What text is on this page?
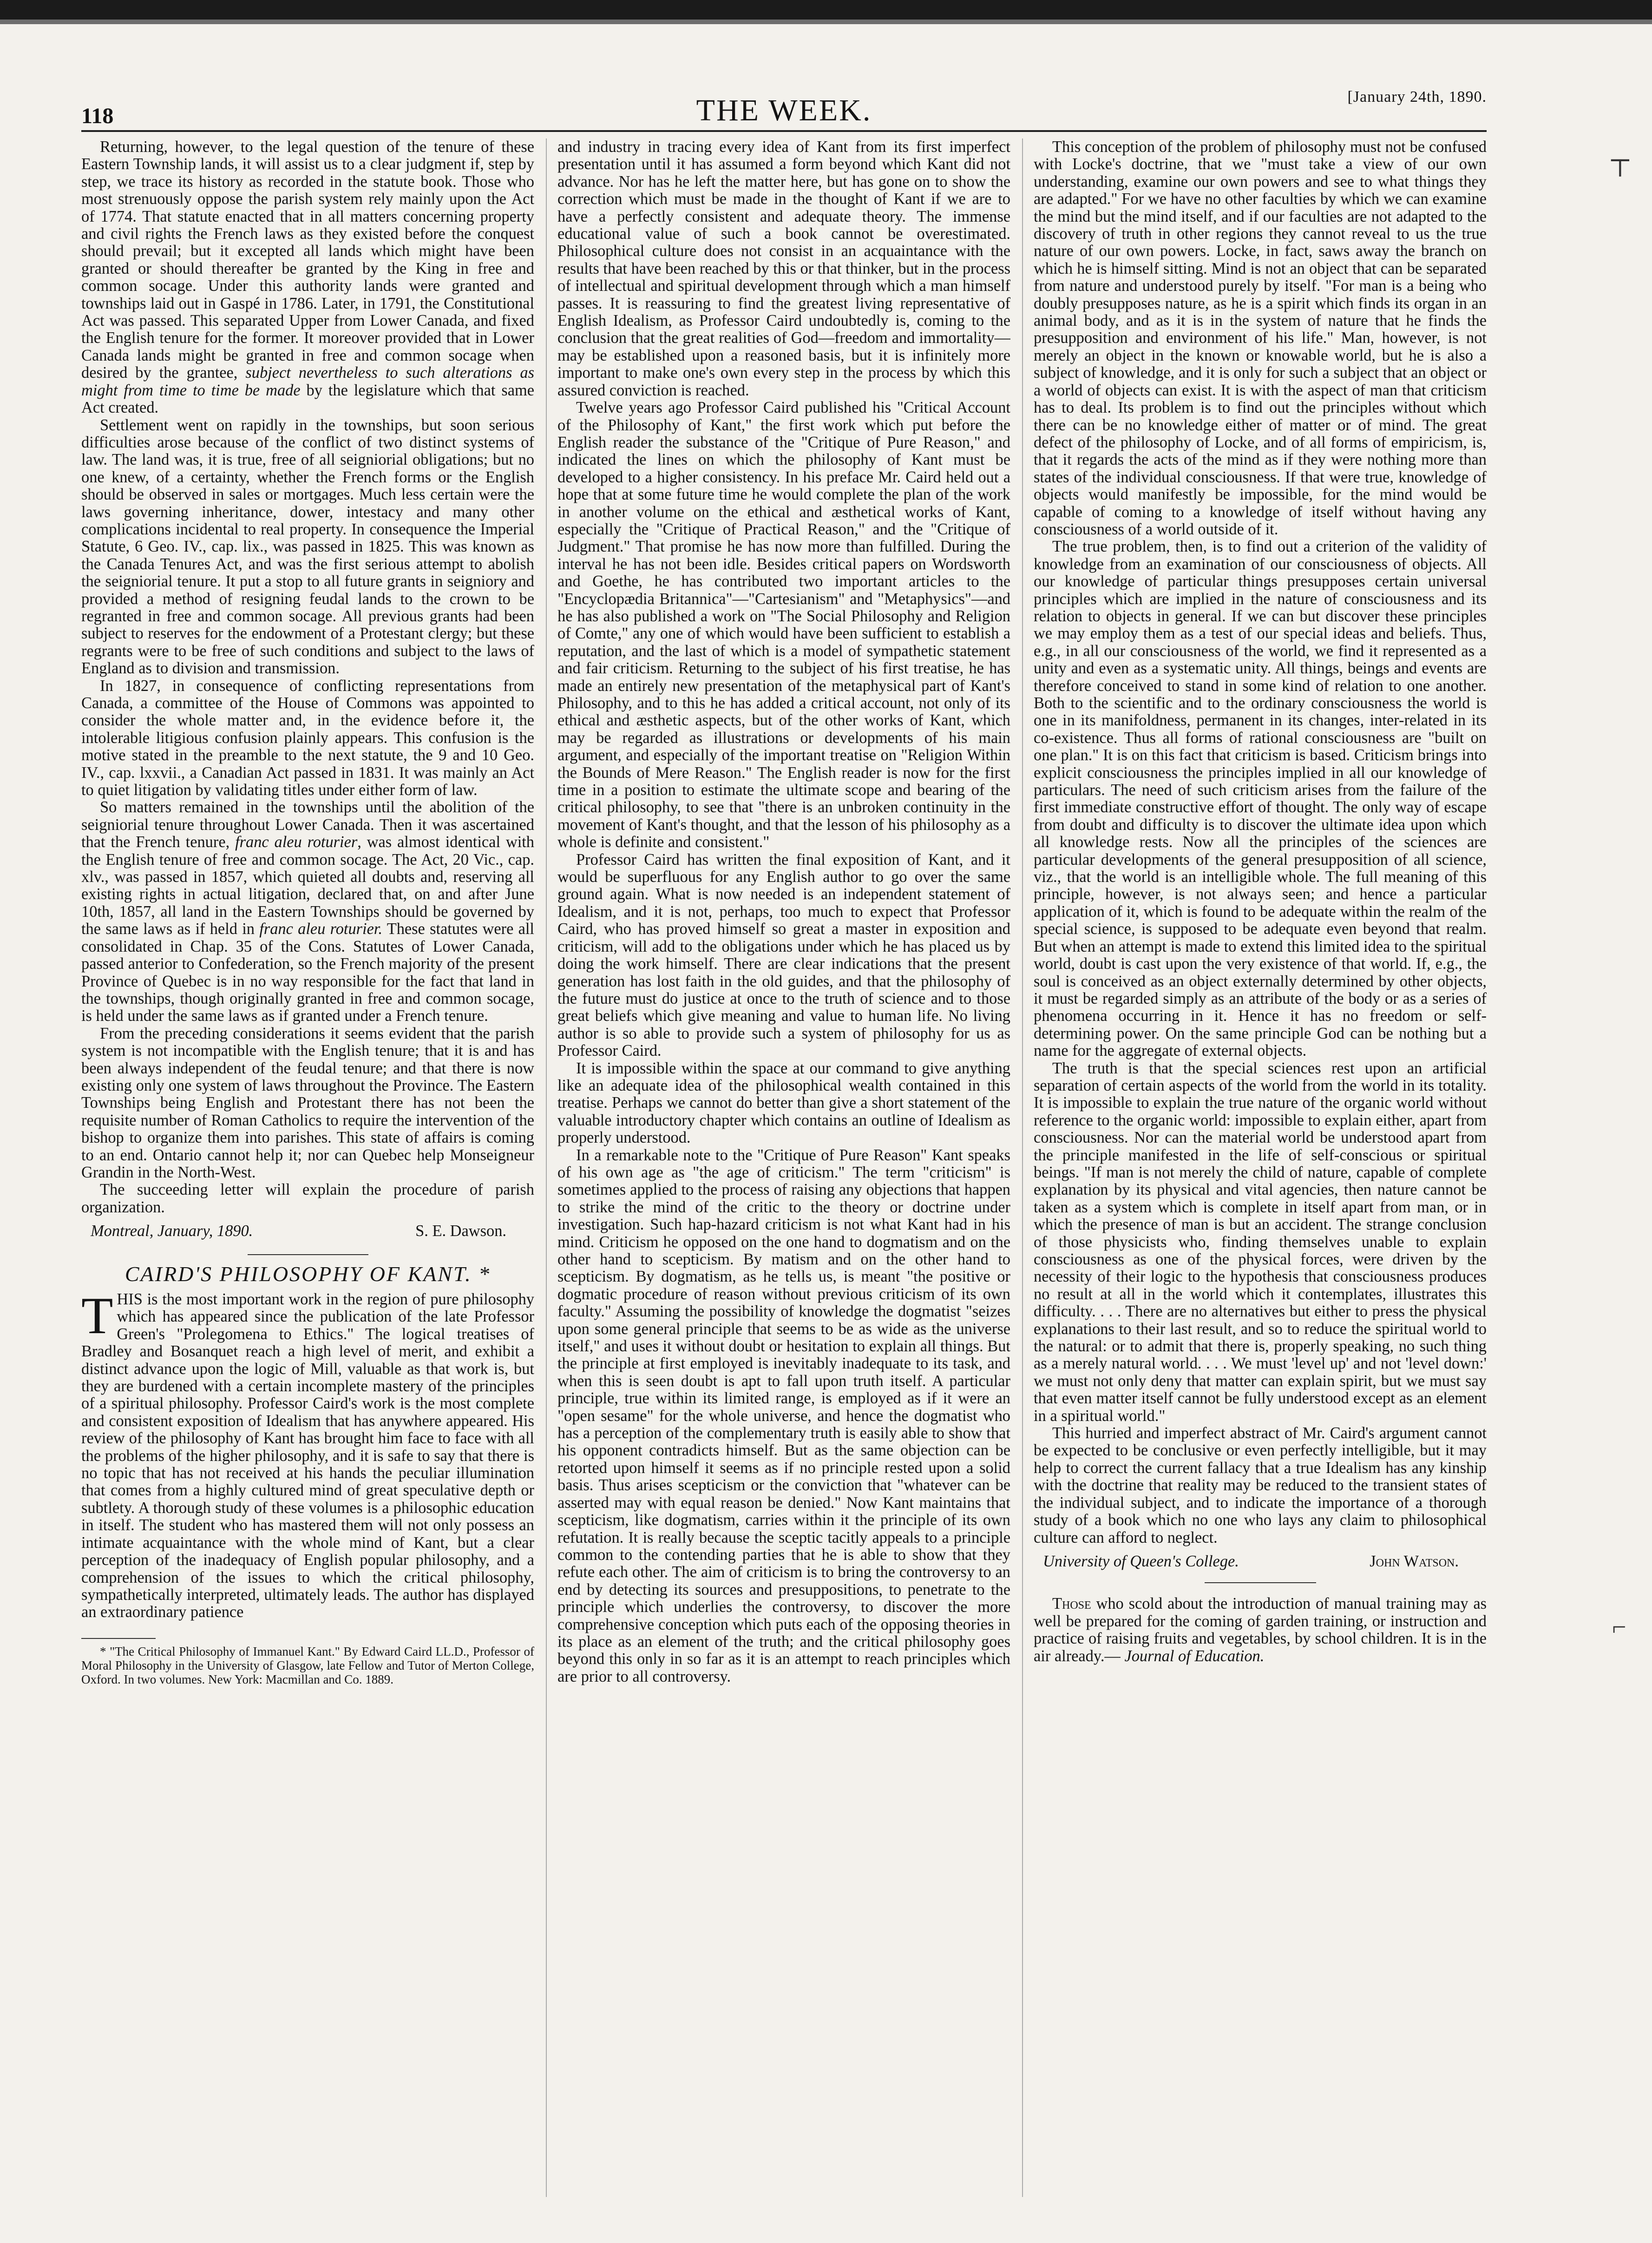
118	THE WEEK.	[January 24th, 1890.

Returning, however, to the legal question of the tenure of these Eastern Township lands, it will assist us to a clear judgment if, step by step, we trace its history as recorded in the statute book. Those who most strenuously oppose the parish system rely mainly upon the Act of 1774. That statute enacted that in all matters concerning property and civil rights the French laws as they existed before the conquest should prevail; but it excepted all lands which might have been granted or should thereafter be granted by the King in free and common socage. Under this authority lands were granted and townships laid out in Gaspé in 1786. Later, in 1791, the Constitutional Act was passed. This separated Upper from Lower Canada, and fixed the English tenure for the former. It moreover provided that in Lower Canada lands might be granted in free and common socage when desired by the grantee, subject nevertheless to such alterations as might from time to time be made by the legislature which that same Act created.

Settlement went on rapidly in the townships, but soon serious difficulties arose because of the conflict of two distinct systems of law. The land was, it is true, free of all seigniorial obligations; but no one knew, of a certainty, whether the French forms or the English should be observed in sales or mortgages. Much less certain were the laws governing inheritance, dower, intestacy and many other complications incidental to real property. In consequence the Imperial Statute, 6 Geo. IV., cap. lix., was passed in 1825. This was known as the Canada Tenures Act, and was the first serious attempt to abolish the seigniorial tenure. It put a stop to all future grants in seigniory and provided a method of resigning feudal lands to the crown to be regranted in free and common socage. All previous grants had been subject to reserves for the endowment of a Protestant clergy; but these regrants were to be free of such conditions and subject to the laws of England as to division and transmission.

In 1827, in consequence of conflicting representations from Canada, a committee of the House of Commons was appointed to consider the whole matter and, in the evidence before it, the intolerable litigious confusion plainly appears. This confusion is the motive stated in the preamble to the next statute, the 9 and 10 Geo. IV., cap. lxxvii., a Canadian Act passed in 1831. It was mainly an Act to quiet litigation by validating titles under either form of law.

So matters remained in the townships until the abolition of the seigniorial tenure throughout Lower Canada. Then it was ascertained that the French tenure, franc aleu roturier, was almost identical with the English tenure of free and common socage. The Act, 20 Vic., cap. xlv., was passed in 1857, which quieted all doubts and, reserving all existing rights in actual litigation, declared that, on and after June 10th, 1857, all land in the Eastern Townships should be governed by the same laws as if held in franc aleu roturier. These statutes were all consolidated in Chap. 35 of the Cons. Statutes of Lower Canada, passed anterior to Confederation, so the French majority of the present Province of Quebec is in no way responsible for the fact that land in the townships, though originally granted in free and common socage, is held under the same laws as if granted under a French tenure.

From the preceding considerations it seems evident that the parish system is not incompatible with the English tenure; that it is and has been always independent of the feudal tenure; and that there is now existing only one system of laws throughout the Province. The Eastern Townships being English and Protestant there has not been the requisite number of Roman Catholics to require the intervention of the bishop to organize them into parishes. This state of affairs is coming to an end. Ontario cannot help it; nor can Quebec help Monseigneur Grandin in the North-West.

The succeeding letter will explain the procedure of parish organization.

Montreal, January, 1890.	S. E. Dawson.
CAIRD'S PHILOSOPHY OF KANT. *

THIS is the most important work in the region of pure philosophy which has appeared since the publication of the late Professor Green's "Prolegomena to Ethics." The logical treatises of Bradley and Bosanquet reach a high level of merit, and exhibit a distinct advance upon the logic of Mill, valuable as that work is, but they are burdened with a certain incomplete mastery of the principles of a spiritual philosophy. Professor Caird's work is the most complete and consistent exposition of Idealism that has anywhere appeared. His review of the philosophy of Kant has brought him face to face with all the problems of the higher philosophy, and it is safe to say that there is no topic that has not received at his hands the peculiar illumination that comes from a highly cultured mind of great speculative depth or subtlety. A thorough study of these volumes is a philosophic education in itself. The student who has mastered them will not only possess an intimate acquaintance with the whole mind of Kant, but a clear perception of the inadequacy of English popular philosophy, and a comprehension of the issues to which the critical philosophy, sympathetically interpreted, ultimately leads. The author has displayed an extraordinary patience

* "The Critical Philosophy of Immanuel Kant." By Edward Caird LL.D., Professor of Moral Philosophy in the University of Glasgow, late Fellow and Tutor of Merton College, Oxford. In two volumes. New York: Macmillan and Co. 1889.

and industry in tracing every idea of Kant from its first imperfect presentation until it has assumed a form beyond which Kant did not advance. Nor has he left the matter here, but has gone on to show the correction which must be made in the thought of Kant if we are to have a perfectly consistent and adequate theory. The immense educational value of such a book cannot be overestimated. Philosophical culture does not consist in an acquaintance with the results that have been reached by this or that thinker, but in the process of intellectual and spiritual development through which a man himself passes. It is reassuring to find the greatest living representative of English Idealism, as Professor Caird undoubtedly is, coming to the conclusion that the great realities of God—freedom and immortality—may be established upon a reasoned basis, but it is infinitely more important to make one's own every step in the process by which this assured conviction is reached.

Twelve years ago Professor Caird published his "Critical Account of the Philosophy of Kant," the first work which put before the English reader the substance of the "Critique of Pure Reason," and indicated the lines on which the philosophy of Kant must be developed to a higher consistency. In his preface Mr. Caird held out a hope that at some future time he would complete the plan of the work in another volume on the ethical and æsthetical works of Kant, especially the "Critique of Practical Reason," and the "Critique of Judgment." That promise he has now more than fulfilled. During the interval he has not been idle. Besides critical papers on Wordsworth and Goethe, he has contributed two important articles to the "Encyclopædia Britannica"—"Cartesianism" and "Metaphysics"—and he has also published a work on "The Social Philosophy and Religion of Comte," any one of which would have been sufficient to establish a reputation, and the last of which is a model of sympathetic statement and fair criticism. Returning to the subject of his first treatise, he has made an entirely new presentation of the metaphysical part of Kant's Philosophy, and to this he has added a critical account, not only of its ethical and æsthetic aspects, but of the other works of Kant, which may be regarded as illustrations or developments of his main argument, and especially of the important treatise on "Religion Within the Bounds of Mere Reason." The English reader is now for the first time in a position to estimate the ultimate scope and bearing of the critical philosophy, to see that "there is an unbroken continuity in the movement of Kant's thought, and that the lesson of his philosophy as a whole is definite and consistent."

Professor Caird has written the final exposition of Kant, and it would be superfluous for any English author to go over the same ground again. What is now needed is an independent statement of Idealism, and it is not, perhaps, too much to expect that Professor Caird, who has proved himself so great a master in exposition and criticism, will add to the obligations under which he has placed us by doing the work himself. There are clear indications that the present generation has lost faith in the old guides, and that the philosophy of the future must do justice at once to the truth of science and to those great beliefs which give meaning and value to human life. No living author is so able to provide such a system of philosophy for us as Professor Caird.

It is impossible within the space at our command to give anything like an adequate idea of the philosophical wealth contained in this treatise. Perhaps we cannot do better than give a short statement of the valuable introductory chapter which contains an outline of Idealism as properly understood.

In a remarkable note to the "Critique of Pure Reason" Kant speaks of his own age as "the age of criticism." The term "criticism" is sometimes applied to the process of raising any objections that happen to strike the mind of the critic to the theory or doctrine under investigation. Such hap-hazard criticism is not what Kant had in his mind. Criticism he opposed on the one hand to dogmatism and on the other hand to scepticism. By matism and on the other hand to scepticism. By dogmatism, as he tells us, is meant "the positive or dogmatic procedure of reason without previous criticism of its own faculty." Assuming the possibility of knowledge the dogmatist "seizes upon some general principle that seems to be as wide as the universe itself," and uses it without doubt or hesitation to explain all things. But the principle at first employed is inevitably inadequate to its task, and when this is seen doubt is apt to fall upon truth itself. A particular principle, true within its limited range, is employed as if it were an "open sesame" for the whole universe, and hence the dogmatist who has a perception of the complementary truth is easily able to show that his opponent contradicts himself. But as the same objection can be retorted upon himself it seems as if no principle rested upon a solid basis. Thus arises scepticism or the conviction that "whatever can be asserted may with equal reason be denied." Now Kant maintains that scepticism, like dogmatism, carries within it the principle of its own refutation. It is really because the sceptic tacitly appeals to a principle common to the contending parties that he is able to show that they refute each other. The aim of criticism is to bring the controversy to an end by detecting its sources and presuppositions, to penetrate to the principle which underlies the controversy, to discover the more comprehensive conception which puts each of the opposing theories in its place as an element of the truth; and the critical philosophy goes beyond this only in so far as it is an attempt to reach principles which are prior to all controversy.

This conception of the problem of philosophy must not be confused with Locke's doctrine, that we "must take a view of our own understanding, examine our own powers and see to what things they are adapted." For we have no other faculties by which we can examine the mind but the mind itself, and if our faculties are not adapted to the discovery of truth in other regions they cannot reveal to us the true nature of our own powers. Locke, in fact, saws away the branch on which he is himself sitting. Mind is not an object that can be separated from nature and understood purely by itself. "For man is a being who doubly presupposes nature, as he is a spirit which finds its organ in an animal body, and as it is in the system of nature that he finds the presupposition and environment of his life." Man, however, is not merely an object in the known or knowable world, but he is also a subject of knowledge, and it is only for such a subject that an object or a world of objects can exist. It is with the aspect of man that criticism has to deal. Its problem is to find out the principles without which there can be no knowledge either of matter or of mind. The great defect of the philosophy of Locke, and of all forms of empiricism, is, that it regards the acts of the mind as if they were nothing more than states of the individual consciousness. If that were true, knowledge of objects would manifestly be impossible, for the mind would be capable of coming to a knowledge of itself without having any consciousness of a world outside of it.

The true problem, then, is to find out a criterion of the validity of knowledge from an examination of our consciousness of objects. All our knowledge of particular things presupposes certain universal principles which are implied in the nature of consciousness and its relation to objects in general. If we can but discover these principles we may employ them as a test of our special ideas and beliefs. Thus, e.g., in all our consciousness of the world, we find it represented as a unity and even as a systematic unity. All things, beings and events are therefore conceived to stand in some kind of relation to one another. Both to the scientific and to the ordinary consciousness the world is one in its manifoldness, permanent in its changes, inter-related in its co-existence. Thus all forms of rational consciousness are "built on one plan." It is on this fact that criticism is based. Criticism brings into explicit consciousness the principles implied in all our knowledge of particulars. The need of such criticism arises from the failure of the first immediate constructive effort of thought. The only way of escape from doubt and difficulty is to discover the ultimate idea upon which all knowledge rests. Now all the principles of the sciences are particular developments of the general presupposition of all science, viz., that the world is an intelligible whole. The full meaning of this principle, however, is not always seen; and hence a particular application of it, which is found to be adequate within the realm of the special science, is supposed to be adequate even beyond that realm. But when an attempt is made to extend this limited idea to the spiritual world, doubt is cast upon the very existence of that world. If, e.g., the soul is conceived as an object externally determined by other objects, it must be regarded simply as an attribute of the body or as a series of phenomena occurring in it. Hence it has no freedom or self-determining power. On the same principle God can be nothing but a name for the aggregate of external objects.

The truth is that the special sciences rest upon an artificial separation of certain aspects of the world from the world in its totality. It is impossible to explain the true nature of the organic world without reference to the organic world: impossible to explain either, apart from consciousness. Nor can the material world be understood apart from the principle manifested in the life of self-conscious or spiritual beings. "If man is not merely the child of nature, capable of complete explanation by its physical and vital agencies, then nature cannot be taken as a system which is complete in itself apart from man, or in which the presence of man is but an accident. The strange conclusion of those physicists who, finding themselves unable to explain consciousness as one of the physical forces, were driven by the necessity of their logic to the hypothesis that consciousness produces no result at all in the world which it contemplates, illustrates this difficulty. . . . There are no alternatives but either to press the physical explanations to their last result, and so to reduce the spiritual world to the natural: or to admit that there is, properly speaking, no such thing as a merely natural world. . . . We must 'level up' and not 'level down:' we must not only deny that matter can explain spirit, but we must say that even matter itself cannot be fully understood except as an element in a spiritual world."

This hurried and imperfect abstract of Mr. Caird's argument cannot be expected to be conclusive or even perfectly intelligible, but it may help to correct the current fallacy that a true Idealism has any kinship with the doctrine that reality may be reduced to the transient states of the individual subject, and to indicate the importance of a thorough study of a book which no one who lays any claim to philosophical culture can afford to neglect.

University of Queen's College.	John Watson.

Those who scold about the introduction of manual training may as well be prepared for the coming of garden training, or instruction and practice of raising fruits and vegetables, by school children. It is in the air already.— Journal of Education.

⊤
⌐
